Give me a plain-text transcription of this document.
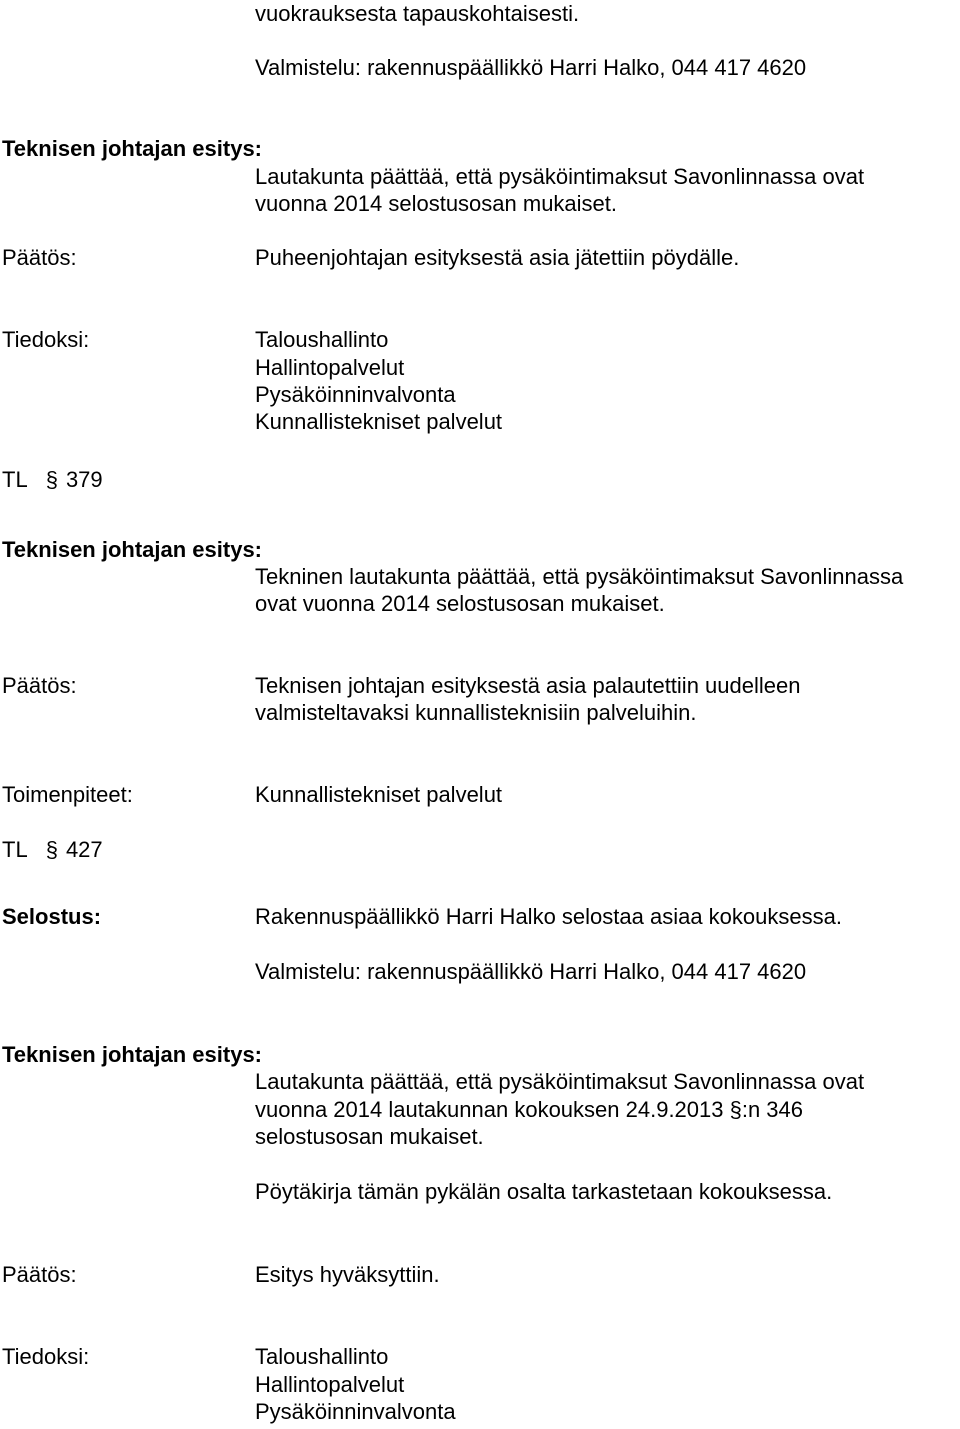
vuokrauksesta tapauskohtaisesti.

Valmistelu: rakennuspäällikkö Harri Halko, 044 417 4620

Teknisen johtajan esitys:

Lautakunta päättää, että pysäköintimaksut Savonlinnassa ovat

vuonna 2014 selostusosan mukaiset.

Päätös:	Puheenjohtajan esityksestä asia jätettiin pöydälle.

Tiedoksi:	Taloushallinto

Hallintopalvelut

Pysäköinninvalvonta

Kunnallistekniset palvelut

TL § 379

Teknisen johtajan esitys:

Tekninen lautakunta päättää, että pysäköintimaksut Savonlinnassa

ovat vuonna 2014 selostusosan mukaiset.

Päätös:	Teknisen johtajan esityksestä asia palautettiin uudelleen

valmisteltavaksi kunnallisteknisiin palveluihin.

Toimenpiteet:	Kunnallistekniset palvelut

TL § 427

Selostus:	Rakennuspäällikkö Harri Halko selostaa asiaa kokouksessa.

Valmistelu: rakennuspäällikkö Harri Halko, 044 417 4620

Teknisen johtajan esitys:

Lautakunta päättää, että pysäköintimaksut Savonlinnassa ovat

vuonna 2014 lautakunnan kokouksen 24.9.2013 §:n 346

selostusosan mukaiset.

Pöytäkirja tämän pykälän osalta tarkastetaan kokouksessa.

Päätös:	Esitys hyväksyttiin.

Tiedoksi:	Taloushallinto

Hallintopalvelut

Pysäköinninvalvonta
